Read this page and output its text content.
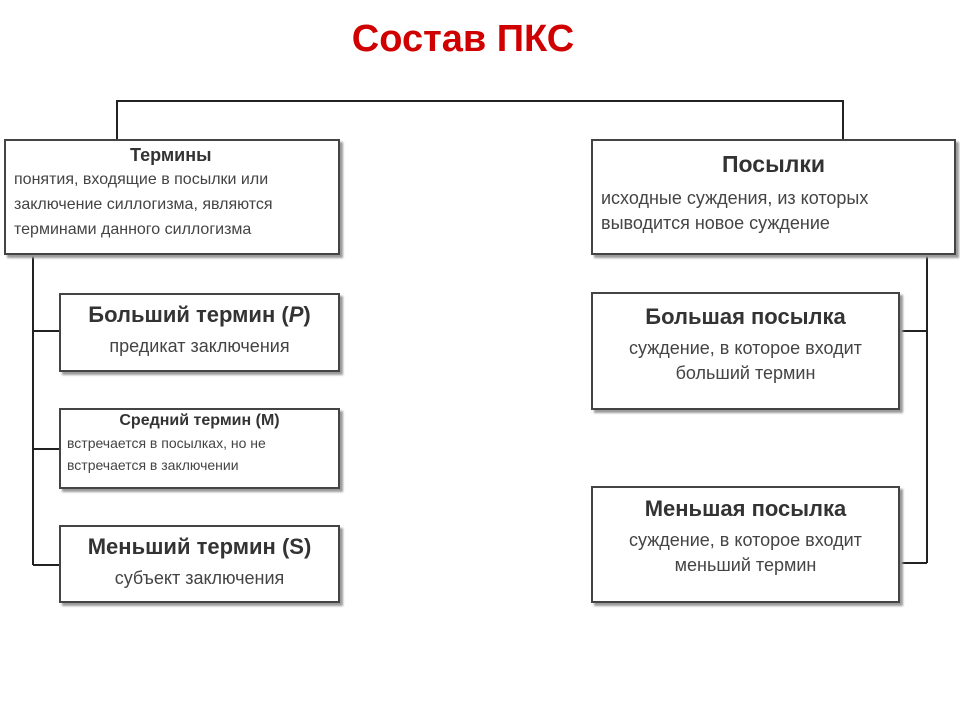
Состав ПКС
Термины
понятия, входящие в посылки или
заключение силлогизма, являются
терминами данного силлогизма
Посылки
исходные суждения, из которых
выводится новое суждение
Больший термин (P)
предикат заключения
Средний термин (М)
встречается в посылках, но не
встречается в заключении
Меньший термин (S)
субъект заключения
Большая посылка
суждение, в которое входит
больший термин
Меньшая посылка
суждение, в которое входит
меньший термин
